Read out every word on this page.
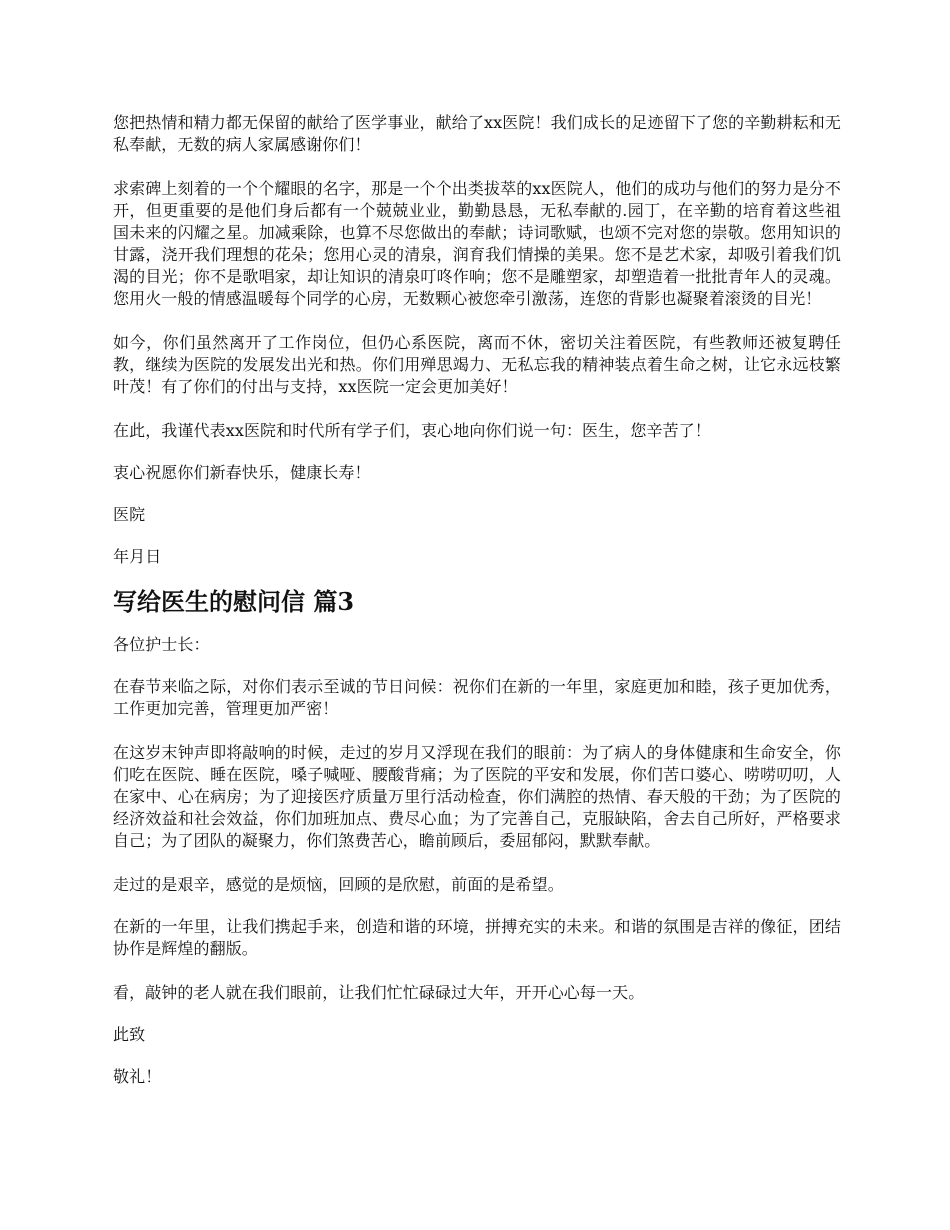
您把热情和精力都无保留的献给了医学事业，献给了xx医院！我们成长的足迹留下了您的辛勤耕耘和无私奉献，无数的病人家属感谢你们！

求索碑上刻着的一个个耀眼的名字，那是一个个出类拔萃的xx医院人，他们的成功与他们的努力是分不开，但更重要的是他们身后都有一个兢兢业业，勤勤恳恳，无私奉献的.园丁，在辛勤的培育着这些祖国未来的闪耀之星。加减乘除，也算不尽您做出的奉献；诗词歌赋，也颂不完对您的崇敬。您用知识的甘露，浇开我们理想的花朵；您用心灵的清泉，润育我们情操的美果。您不是艺术家，却吸引着我们饥渴的目光；你不是歌唱家，却让知识的清泉叮咚作响；您不是雕塑家，却塑造着一批批青年人的灵魂。您用火一般的情感温暖每个同学的心房，无数颗心被您牵引激荡，连您的背影也凝聚着滚烫的目光！

如今，你们虽然离开了工作岗位，但仍心系医院，离而不休，密切关注着医院，有些教师还被复聘任教，继续为医院的发展发出光和热。你们用殚思竭力、无私忘我的精神装点着生命之树，让它永远枝繁叶茂！有了你们的付出与支持，xx医院一定会更加美好！

在此，我谨代表xx医院和时代所有学子们，衷心地向你们说一句：医生，您辛苦了！

衷心祝愿你们新春快乐，健康长寿！

医院

年月日

写给医生的慰问信 篇3

各位护士长：

在春节来临之际，对你们表示至诚的节日问候：祝你们在新的一年里，家庭更加和睦，孩子更加优秀，工作更加完善，管理更加严密！

在这岁末钟声即将敲响的时候，走过的岁月又浮现在我们的眼前：为了病人的身体健康和生命安全，你们吃在医院、睡在医院，嗓子喊哑、腰酸背痛；为了医院的平安和发展，你们苦口婆心、唠唠叨叨，人在家中、心在病房；为了迎接医疗质量万里行活动检查，你们满腔的热情、春天般的干劲；为了医院的经济效益和社会效益，你们加班加点、费尽心血；为了完善自己，克服缺陷，舍去自己所好，严格要求自己；为了团队的凝聚力，你们煞费苦心，瞻前顾后，委屈郁闷，默默奉献。

走过的是艰辛，感觉的是烦恼，回顾的是欣慰，前面的是希望。

在新的一年里，让我们携起手来，创造和谐的环境，拼搏充实的未来。和谐的氛围是吉祥的像征，团结协作是辉煌的翻版。

看，敲钟的老人就在我们眼前，让我们忙忙碌碌过大年，开开心心每一天。

此致

敬礼！
